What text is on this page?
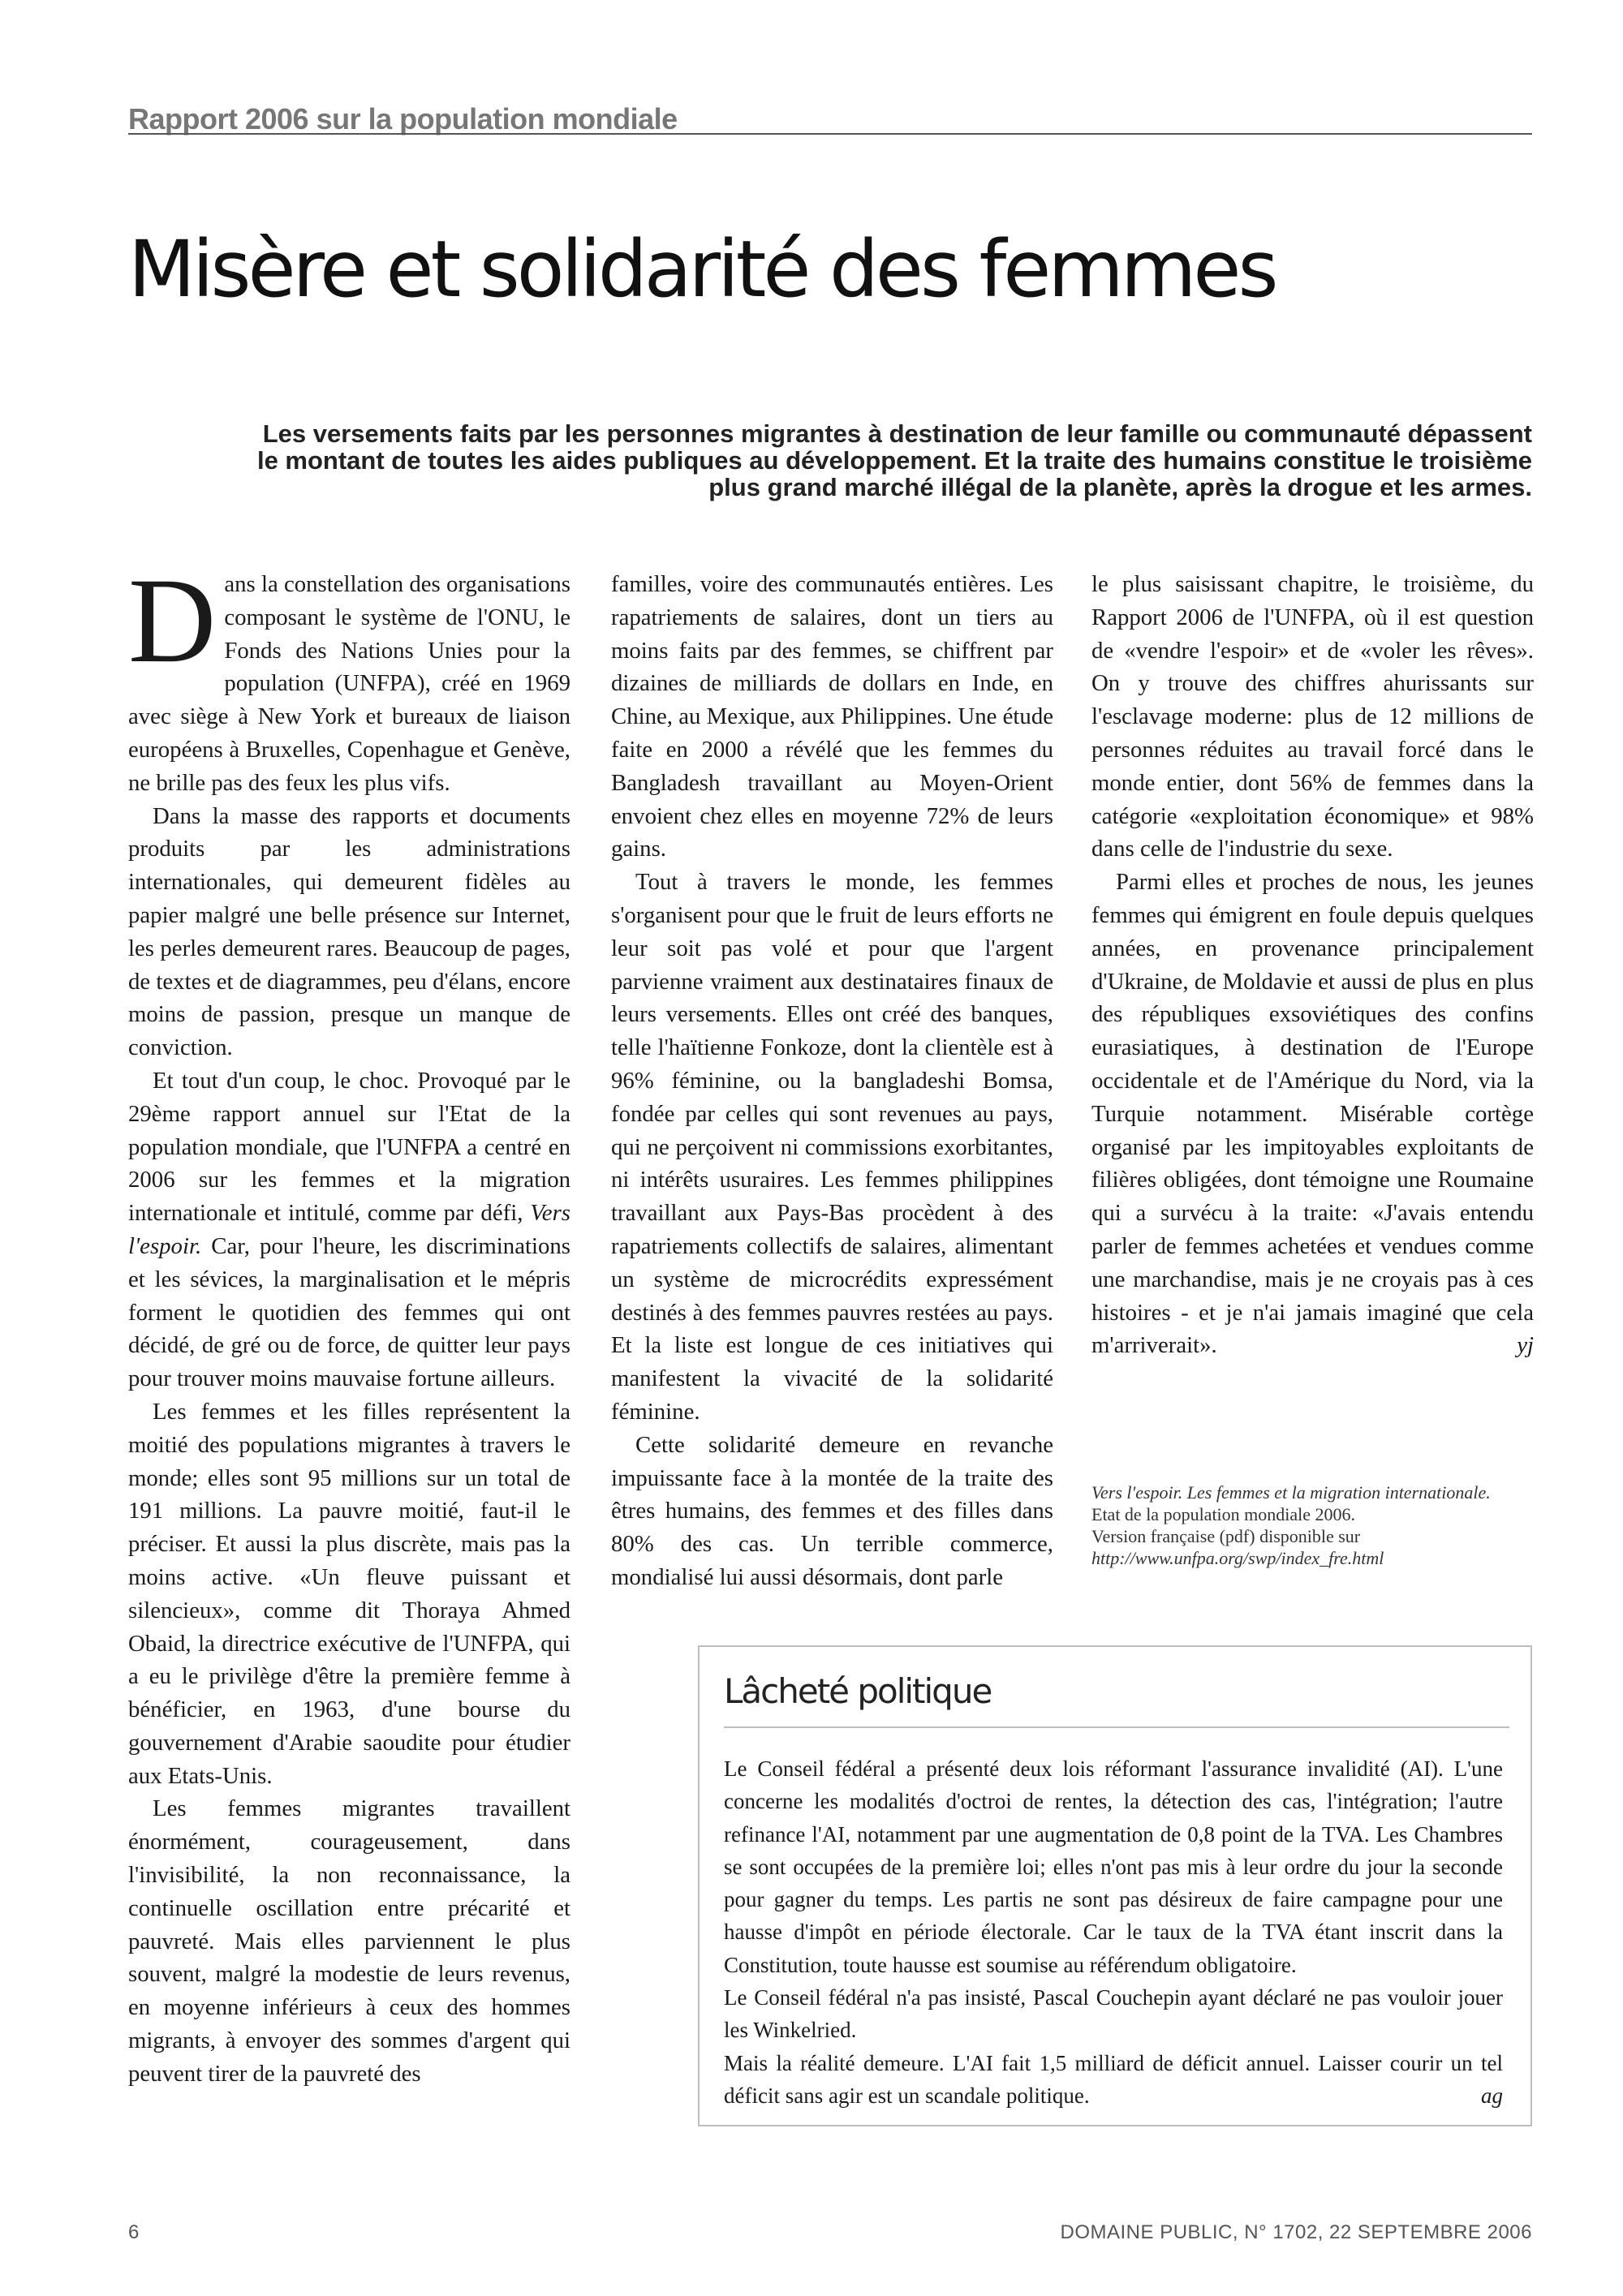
Rapport 2006 sur la population mondiale
Misère et solidarité des femmes

Les versements faits par les personnes migrantes à destination de leur famille ou communauté dépassent le montant de toutes les aides publiques au développement. Et la traite des humains constitue le troisième plus grand marché illégal de la planète, après la drogue et les armes.

Dans la constellation des organisations composant le système de l'ONU, le Fonds des Nations Unies pour la population (UNFPA), créé en 1969 avec siège à New York et bureaux de liaison européens à Bruxelles, Copenhague et Genève, ne brille pas des feux les plus vifs.

Dans la masse des rapports et documents produits par les administrations internationales, qui demeurent fidèles au papier malgré une belle présence sur Internet, les perles demeurent rares. Beaucoup de pages, de textes et de diagrammes, peu d'élans, encore moins de passion, presque un manque de conviction.

Et tout d'un coup, le choc. Provoqué par le 29ème rapport annuel sur l'Etat de la population mondiale, que l'UNFPA a centré en 2006 sur les femmes et la migration internationale et intitulé, comme par défi, Vers l'espoir. Car, pour l'heure, les discriminations et les sévices, la marginalisation et le mépris forment le quotidien des femmes qui ont décidé, de gré ou de force, de quitter leur pays pour trouver moins mauvaise fortune ailleurs.

Les femmes et les filles représentent la moitié des populations migrantes à travers le monde; elles sont 95 millions sur un total de 191 millions. La pauvre moitié, faut-il le préciser. Et aussi la plus discrète, mais pas la moins active. «Un fleuve puissant et silencieux», comme dit Thoraya Ahmed Obaid, la directrice exécutive de l'UNFPA, qui a eu le privilège d'être la première femme à bénéficier, en 1963, d'une bourse du gouvernement d'Arabie saoudite pour étudier aux Etats-Unis.

Les femmes migrantes travaillent énormément, courageusement, dans l'invisibilité, la non reconnaissance, la continuelle oscillation entre précarité et pauvreté. Mais elles parviennent le plus souvent, malgré la modestie de leurs revenus, en moyenne inférieurs à ceux des hommes migrants, à envoyer des sommes d'argent qui peuvent tirer de la pauvreté des

familles, voire des communautés entières. Les rapatriements de salaires, dont un tiers au moins faits par des femmes, se chiffrent par dizaines de milliards de dollars en Inde, en Chine, au Mexique, aux Philippines. Une étude faite en 2000 a révélé que les femmes du Bangladesh travaillant au Moyen-Orient envoient chez elles en moyenne 72% de leurs gains.

Tout à travers le monde, les femmes s'organisent pour que le fruit de leurs efforts ne leur soit pas volé et pour que l'argent parvienne vraiment aux destinataires finaux de leurs versements. Elles ont créé des banques, telle l'haïtienne Fonkoze, dont la clientèle est à 96% féminine, ou la bangladeshi Bomsa, fondée par celles qui sont revenues au pays, qui ne perçoivent ni commissions exorbitantes, ni intérêts usuraires. Les femmes philippines travaillant aux Pays-Bas procèdent à des rapatriements collectifs de salaires, alimentant un système de microcrédits expressément destinés à des femmes pauvres restées au pays. Et la liste est longue de ces initiatives qui manifestent la vivacité de la solidarité féminine.

Cette solidarité demeure en revanche impuissante face à la montée de la traite des êtres humains, des femmes et des filles dans 80% des cas. Un terrible commerce, mondialisé lui aussi désormais, dont parle

le plus saisissant chapitre, le troisième, du Rapport 2006 de l'UNFPA, où il est question de «vendre l'espoir» et de «voler les rêves». On y trouve des chiffres ahurissants sur l'esclavage moderne: plus de 12 millions de personnes réduites au travail forcé dans le monde entier, dont 56% de femmes dans la catégorie «exploitation économique» et 98% dans celle de l'industrie du sexe.

Parmi elles et proches de nous, les jeunes femmes qui émigrent en foule depuis quelques années, en provenance principalement d'Ukraine, de Moldavie et aussi de plus en plus des républiques exsoviétiques des confins eurasiatiques, à destination de l'Europe occidentale et de l'Amérique du Nord, via la Turquie notamment. Misérable cortège organisé par les impitoyables exploitants de filières obligées, dont témoigne une Roumaine qui a survécu à la traite: «J'avais entendu parler de femmes achetées et vendues comme une marchandise, mais je ne croyais pas à ces histoires - et je n'ai jamais imaginé que cela m'arriverait».	yj

Vers l'espoir. Les femmes et la migration internationale.

Etat de la population mondiale 2006.

Version française (pdf) disponible sur

http://www.unfpa.org/swp/index_fre.html

Lâcheté politique

Le Conseil fédéral a présenté deux lois réformant l'assurance invalidité (AI). L'une concerne les modalités d'octroi de rentes, la détection des cas, l'intégration; l'autre refinance l'AI, notamment par une augmentation de 0,8 point de la TVA. Les Chambres se sont occupées de la première loi; elles n'ont pas mis à leur ordre du jour la seconde pour gagner du temps. Les partis ne sont pas désireux de faire campagne pour une hausse d'impôt en période électorale. Car le taux de la TVA étant inscrit dans la Constitution, toute hausse est soumise au référendum obligatoire.

Le Conseil fédéral n'a pas insisté, Pascal Couchepin ayant déclaré ne pas vouloir jouer les Winkelried.

Mais la réalité demeure. L'AI fait 1,5 milliard de déficit annuel. Laisser courir un tel déficit sans agir est un scandale politique.	ag

6	DOMAINE PUBLIC, N° 1702, 22 SEPTEMBRE 2006
